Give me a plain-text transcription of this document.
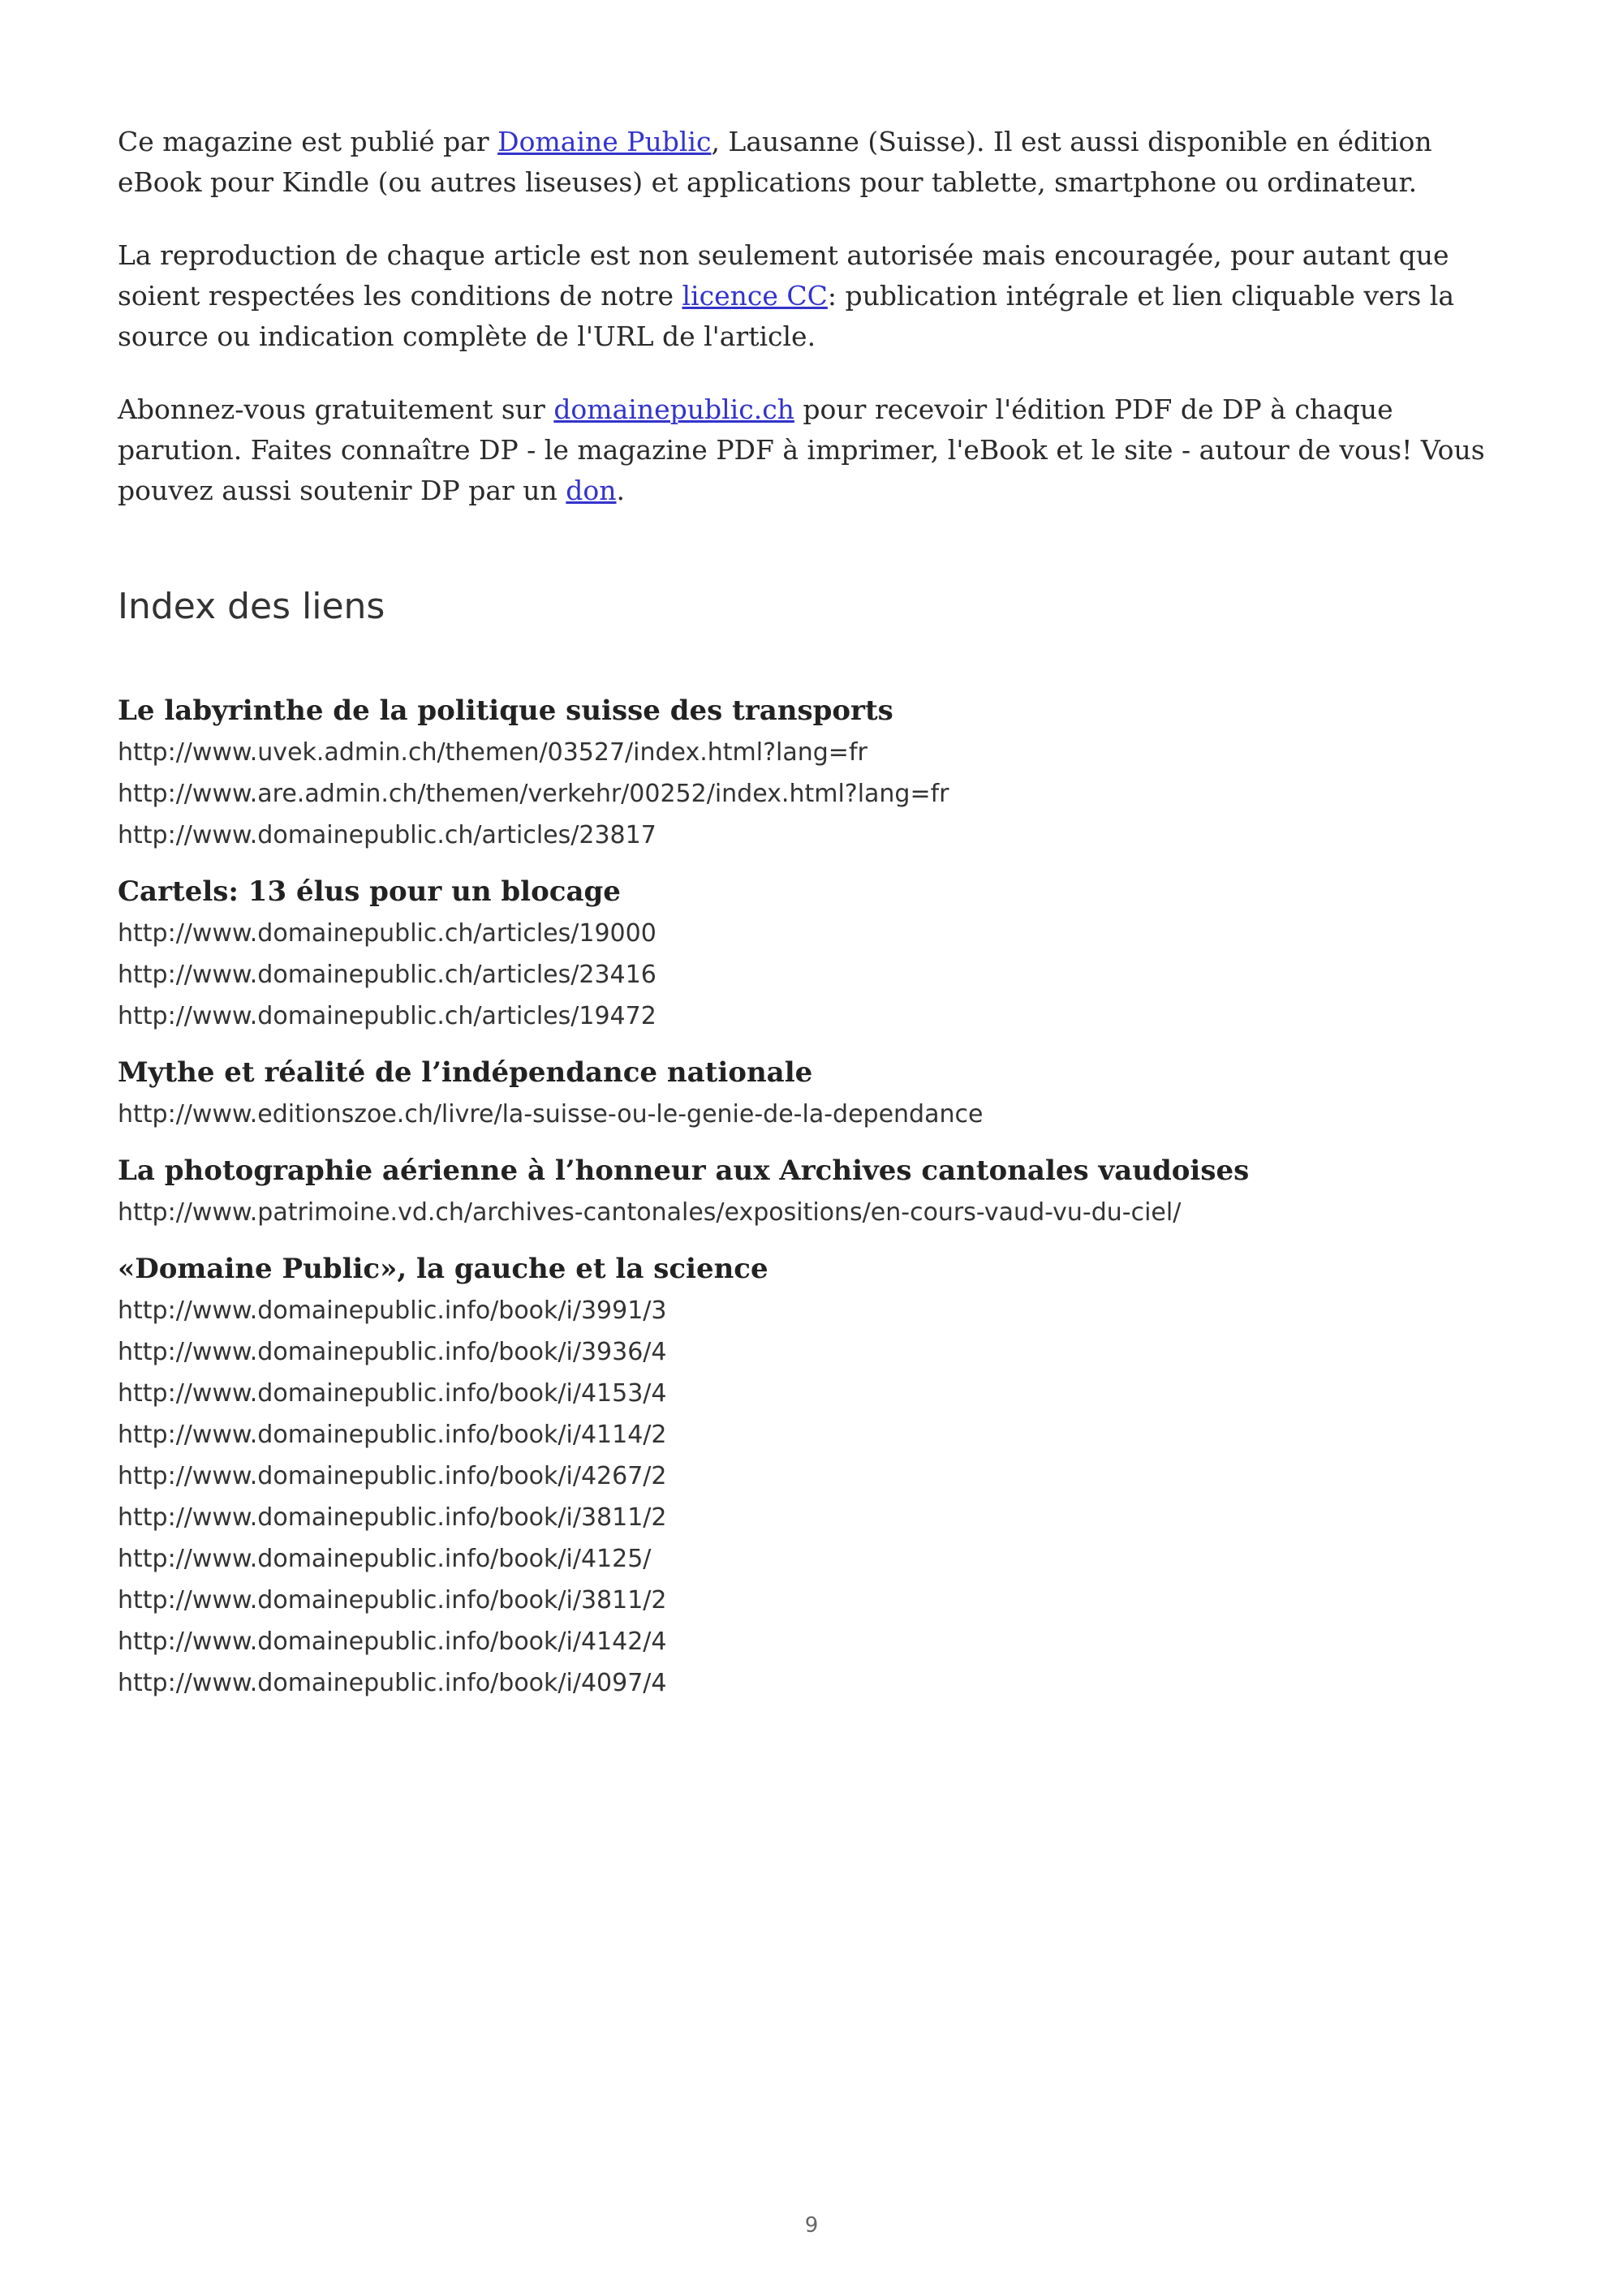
Ce magazine est publié par Domaine Public, Lausanne (Suisse). Il est aussi disponible en édition eBook pour Kindle (ou autres liseuses) et applications pour tablette, smartphone ou ordinateur.

La reproduction de chaque article est non seulement autorisée mais encouragée, pour autant que soient respectées les conditions de notre licence CC: publication intégrale et lien cliquable vers la source ou indication complète de l'URL de l'article.

Abonnez-vous gratuitement sur domainepublic.ch pour recevoir l'édition PDF de DP à chaque parution. Faites connaître DP - le magazine PDF à imprimer, l'eBook et le site - autour de vous! Vous pouvez aussi soutenir DP par un don.

Index des liens
Le labyrinthe de la politique suisse des transports
http://www.uvek.admin.ch/themen/03527/index.html?lang=fr
http://www.are.admin.ch/themen/verkehr/00252/index.html?lang=fr
http://www.domainepublic.ch/articles/23817
Cartels: 13 élus pour un blocage
http://www.domainepublic.ch/articles/19000
http://www.domainepublic.ch/articles/23416
http://www.domainepublic.ch/articles/19472
Mythe et réalité de l’indépendance nationale
http://www.editionszoe.ch/livre/la-suisse-ou-le-genie-de-la-dependance
La photographie aérienne à l’honneur aux Archives cantonales vaudoises
http://www.patrimoine.vd.ch/archives-cantonales/expositions/en-cours-vaud-vu-du-ciel/
«Domaine Public», la gauche et la science
http://www.domainepublic.info/book/i/3991/3
http://www.domainepublic.info/book/i/3936/4
http://www.domainepublic.info/book/i/4153/4
http://www.domainepublic.info/book/i/4114/2
http://www.domainepublic.info/book/i/4267/2
http://www.domainepublic.info/book/i/3811/2
http://www.domainepublic.info/book/i/4125/
http://www.domainepublic.info/book/i/3811/2
http://www.domainepublic.info/book/i/4142/4
http://www.domainepublic.info/book/i/4097/4
9
